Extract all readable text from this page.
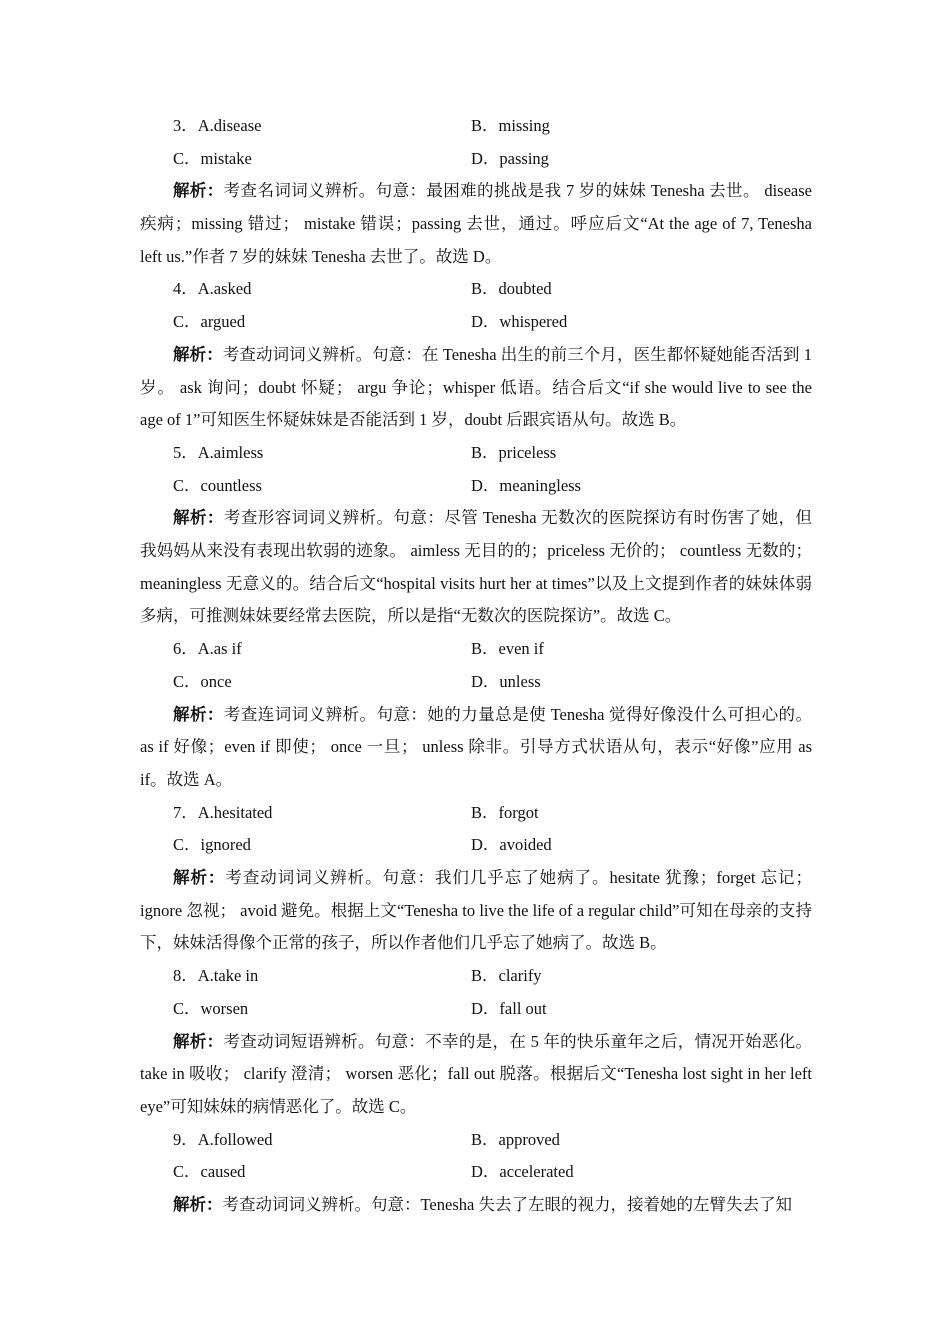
3．A.disease	B．missing
C．mistake	D．passing

解析：考查名词词义辨析。句意：最困难的挑战是我 7 岁的妹妹 Tenesha 去世。 disease 疾病；missing 错过； mistake 错误；passing 去世，通过。呼应后文“At the age of 7, Tenesha left us.”作者 7 岁的妹妹 Tenesha 去世了。故选 D。

4．A.asked	B．doubted
C．argued	D．whispered

解析：考查动词词义辨析。句意：在 Tenesha 出生的前三个月，医生都怀疑她能否活到 1 岁。 ask 询问；doubt 怀疑； argu 争论；whisper 低语。结合后文“if she would live to see the age of 1”可知医生怀疑妹妹是否能活到 1 岁，doubt 后跟宾语从句。故选 B。

5．A.aimless	B．priceless
C．countless	D．meaningless

解析：考查形容词词义辨析。句意：尽管 Tenesha 无数次的医院探访有时伤害了她，但我妈妈从来没有表现出软弱的迹象。 aimless 无目的的；priceless 无价的； countless 无数的；meaningless 无意义的。结合后文“hospital visits hurt her at times”以及上文提到作者的妹妹体弱多病，可推测妹妹要经常去医院，所以是指“无数次的医院探访”。故选 C。

6．A.as if	B．even if
C．once	D．unless

解析：考查连词词义辨析。句意：她的力量总是使 Tenesha 觉得好像没什么可担心的。 as if 好像；even if 即使； once 一旦； unless 除非。引导方式状语从句，表示“好像”应用 as if。故选 A。

7．A.hesitated	B．forgot
C．ignored	D．avoided

解析：考查动词词义辨析。句意：我们几乎忘了她病了。hesitate 犹豫；forget 忘记； ignore 忽视； avoid 避免。根据上文“Tenesha to live the life of a regular child”可知在母亲的支持下，妹妹活得像个正常的孩子，所以作者他们几乎忘了她病了。故选 B。

8．A.take in	B．clarify
C．worsen	D．fall out

解析：考查动词短语辨析。句意：不幸的是，在 5 年的快乐童年之后，情况开始恶化。 take in 吸收； clarify 澄清； worsen 恶化；fall out 脱落。根据后文“Tenesha lost sight in her left eye”可知妹妹的病情恶化了。故选 C。

9．A.followed	B．approved
C．caused	D．accelerated

解析：考查动词词义辨析。句意：Tenesha 失去了左眼的视力，接着她的左臂失去了知
